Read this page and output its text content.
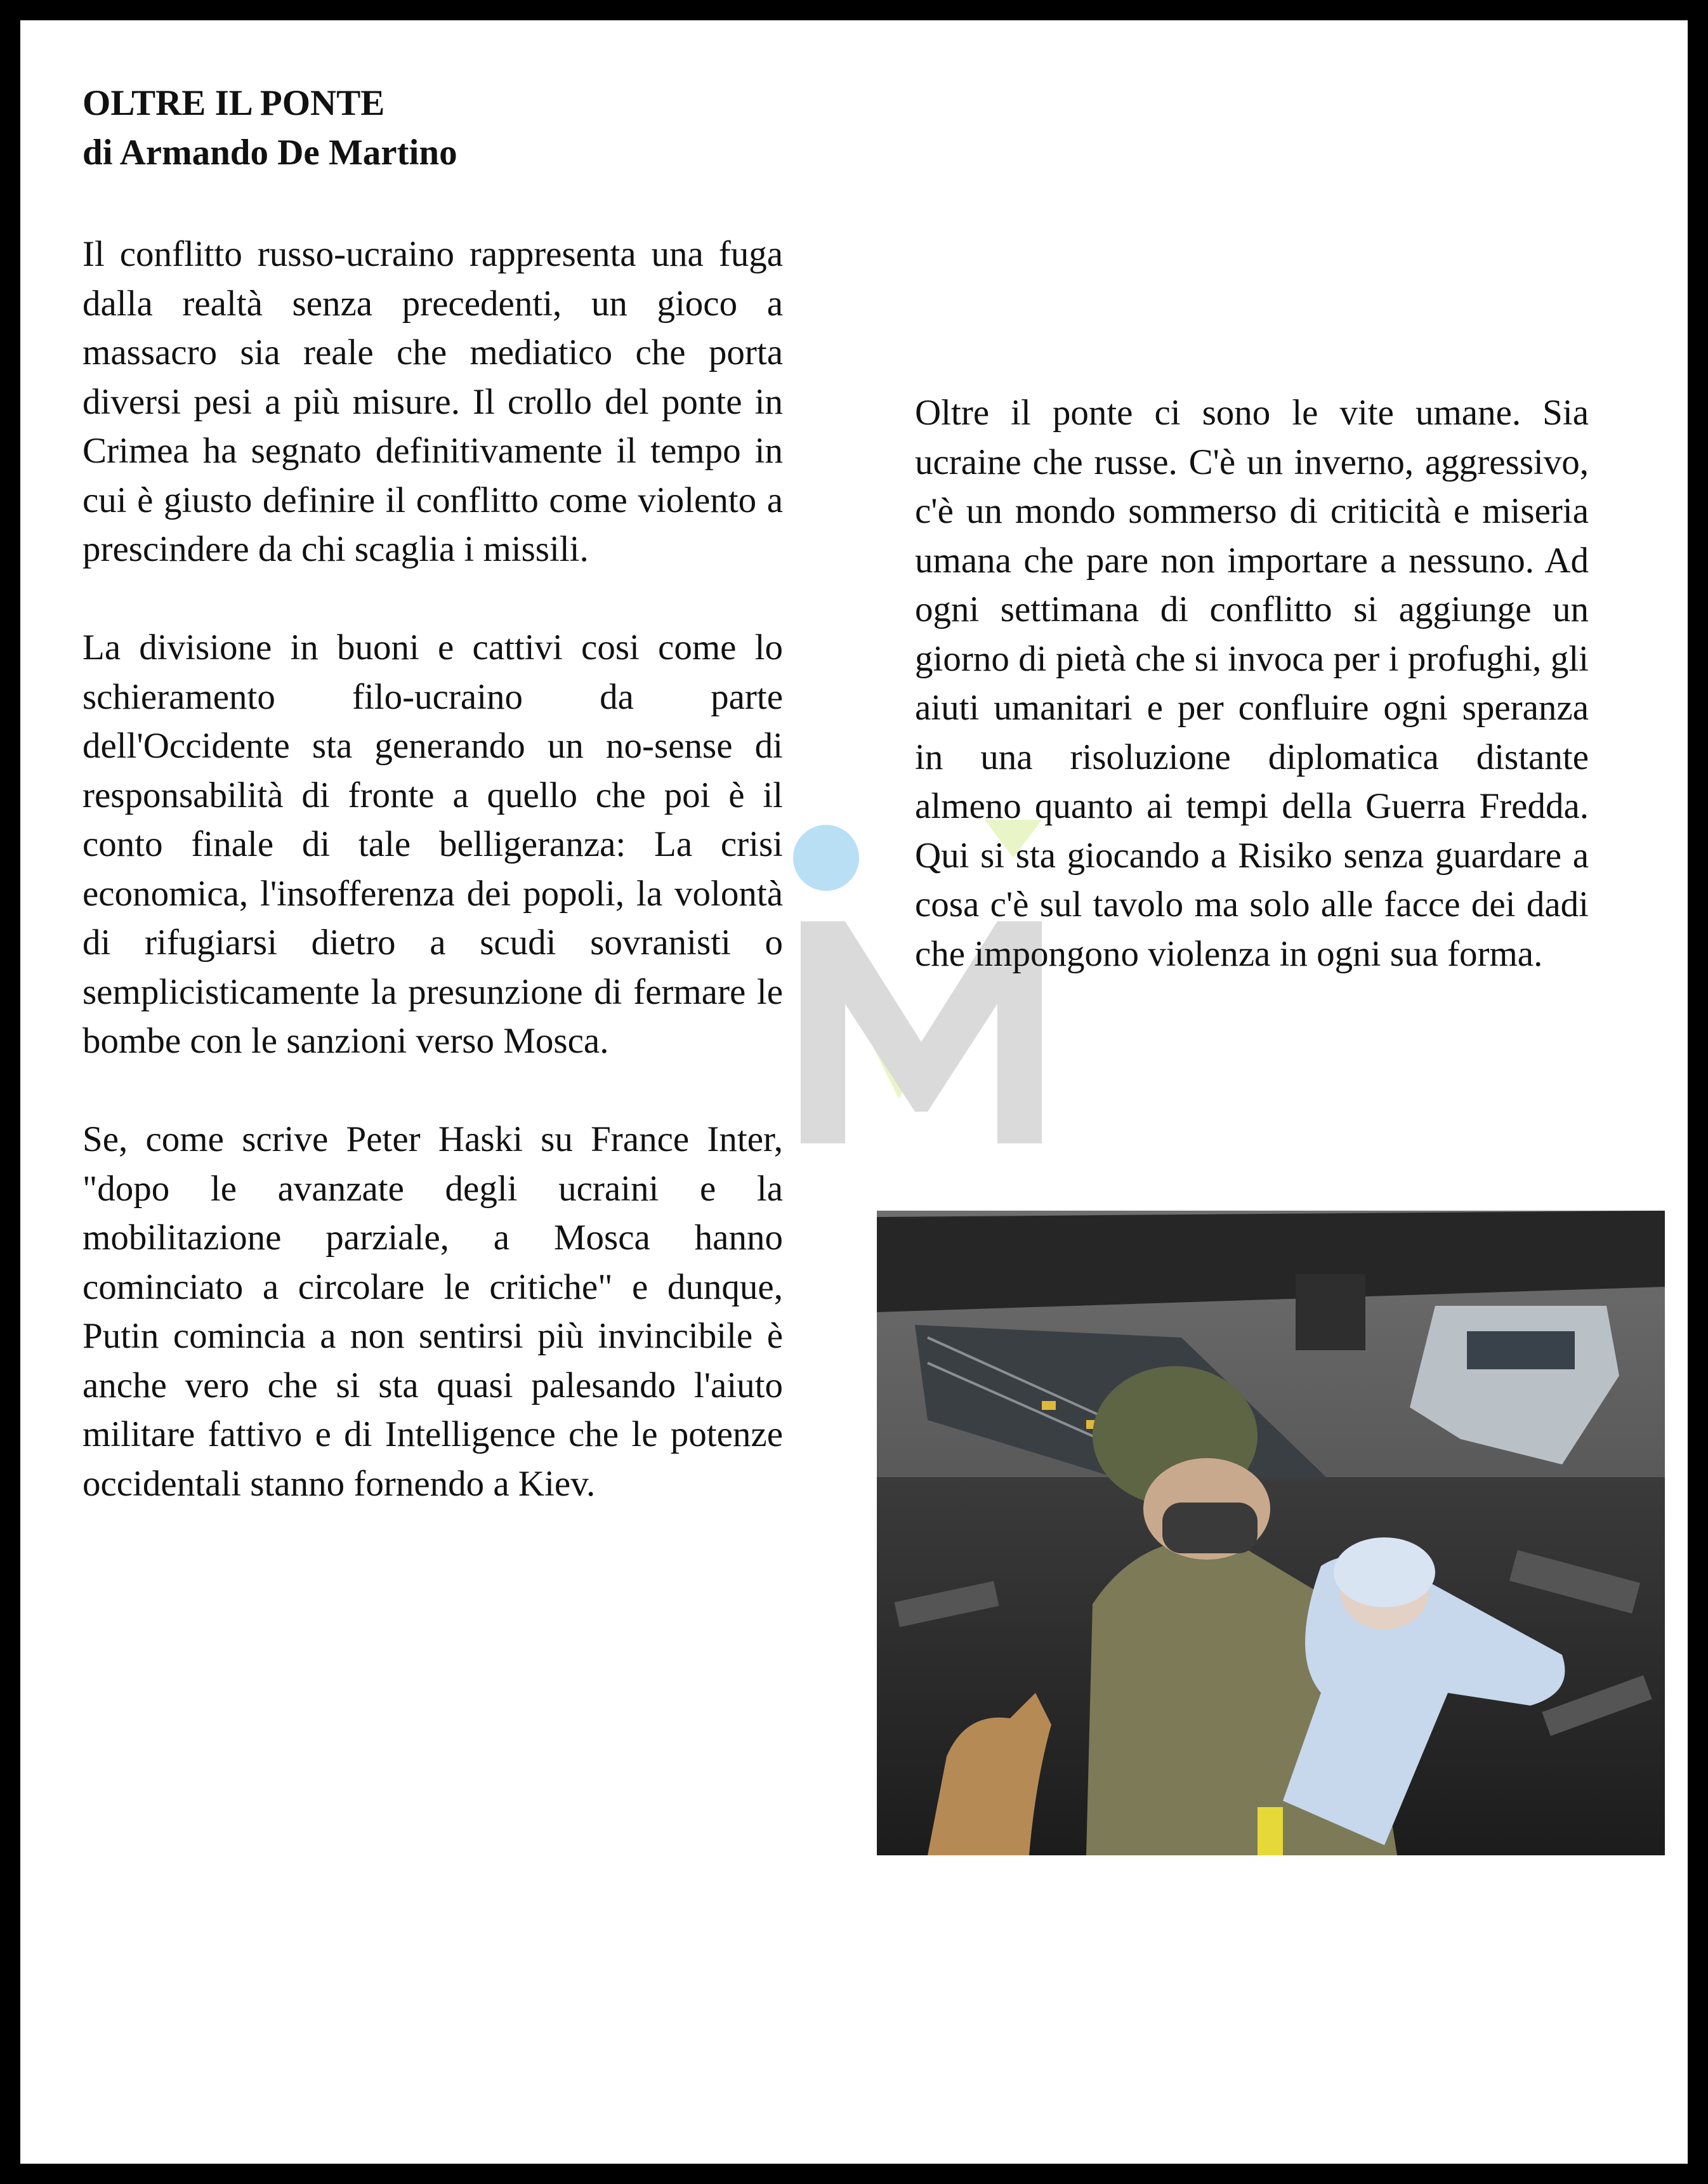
OLTRE IL PONTE
di Armando De Martino

Il conflitto russo-ucraino rappresenta una fuga dalla realtà senza precedenti, un gioco a massacro sia reale che mediatico che porta diversi pesi a più misure. Il crollo del ponte in Crimea ha segnato definitivamente il tempo in cui è giusto definire il conflitto come violento a prescindere da chi scaglia i missili.

La divisione in buoni e cattivi cosi come lo schieramento filo-ucraino da parte dell'Occidente sta generando un no-sense di responsabilità di fronte a quello che poi è il conto finale di tale belligeranza: La crisi economica, l'insofferenza dei popoli, la volontà di rifugiarsi dietro a scudi sovranisti o semplicisticamente la presunzione di fermare le bombe con le sanzioni verso Mosca.

Se, come scrive Peter Haski su France Inter, "dopo le avanzate degli ucraini e la mobilitazione parziale, a Mosca hanno cominciato a circolare le critiche" e dunque, Putin comincia a non sentirsi più invincibile è anche vero che si sta quasi palesando l'aiuto militare fattivo e di Intelligence che le potenze occidentali stanno fornendo a Kiev.

Oltre il ponte ci sono le vite umane. Sia ucraine che russe. C'è un inverno, aggressivo, c'è un mondo sommerso di criticità e miseria umana che pare non importare a nessuno. Ad ogni settimana di conflitto si aggiunge un giorno di pietà che si invoca per i profughi, gli aiuti umanitari e per confluire ogni speranza in una risoluzione diplomatica distante almeno quanto ai tempi della Guerra Fredda. Qui si sta giocando a Risiko senza guardare a cosa c'è sul tavolo ma solo alle facce dei dadi che impongono violenza in ogni sua forma.
